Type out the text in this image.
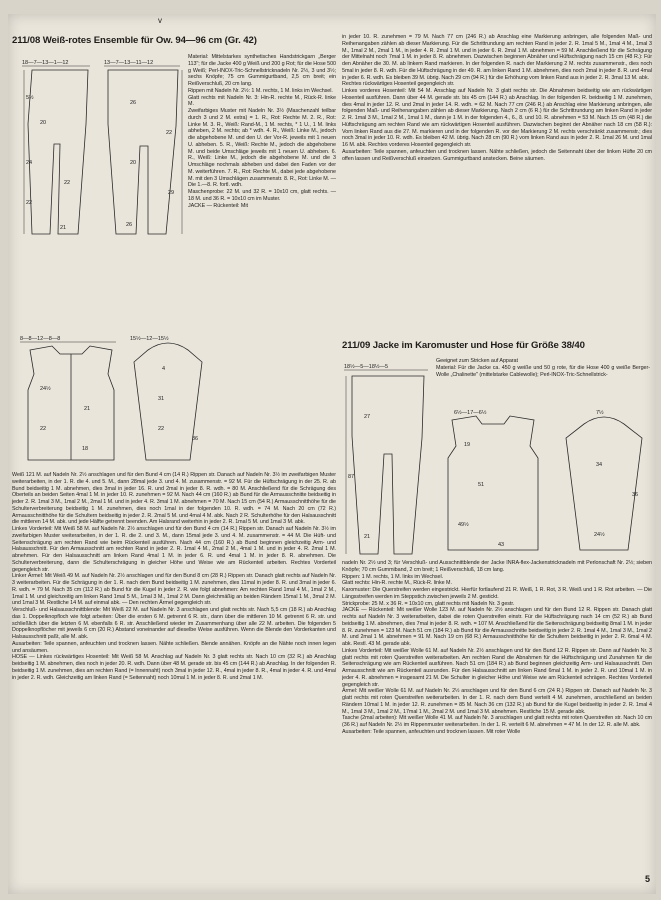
v
211/08 Weiß-rotes Ensemble für Ow. 94—96 cm (Gr. 42)
18—7—13—1—12
5½
20
24
22
22
21
13—7—13—11—12
26
22
20
29
26
8—8—12—8—8
24½
21
22
18
15½—12—15½
4
31
22
36
Material: Mittelstarkes synthetisches Handstrickgarn „Berger 113"; für die Jacke 400 g Weiß und 200 g Rot; für die Hose 500 g Weiß; Perl-INOX-Tric-Schnellstricknadeln Nr. 2½, 3 und 3½; sechs Knöpfe; 75 cm Gummigurtband, 2,5 cm breit; ein Reißverschluß, 20 cm lang.
Rippen mit Nadeln Nr. 2½: 1 M. rechts, 1 M. links im Wechsel.
Glatt rechts mit Nadeln Nr. 3: Hin-R. rechte M., Rück-R. linke M.
Zweifarbiges Muster mit Nadeln Nr. 3½ (Maschenzahl teilbar durch 3 und 2 M. extra) = 1. R., Rot: Rechte M. 2. R., Rot: Linke M. 3. R., Weiß: Rand-M., 1 M. rechts, * 1 U., 1 M. links abheben, 2 M. rechts; ab * wdh. 4. R., Weiß: Linke M., jedoch die abgehobene M. und den U. der Vor-R. jeweils mit 1 neuen U. abheben. 5. R., Weiß: Rechte M., jedoch die abgehobene M. und beide Umschläge jeweils mit 1 neuen U. abheben. 6. R., Weiß: Linke M., jedoch die abgehobene M. und die 3 Umschläge nochmals abheben und dabei den Faden vor der M. weiterführen. 7. R., Rot: Rechte M., dabei jede abgehobene M. mit den 3 Umschlägen zusammenstr. 8. R., Rot: Linke M. — Die 1.—8. R. fortl. wdh.
Maschenprobe: 22 M. und 32 R. = 10x10 cm, glatt rechts. — 18 M. und 36 R. = 10x10 cm im Muster.
JACKE — Rückenteil: Mit
Weiß 121 M. auf Nadeln Nr. 2½ anschlagen und für den Bund 4 cm (14 R.) Rippen str. Danach auf Nadeln Nr. 3½ im zweifarbigen Muster weiterarbeiten, in der 1. R. die 4. und 5. M., dann 28mal jede 3. und 4. M. zusammenstr. = 92 M. Für die Hüftschrägung in der 25. R. ab Bund beidseitig 1 M. abnehmen, dies 3mal in jeder 16. R. und 2mal in jeder 8. R. wdh. = 80 M. Anschließend für die Schrägung des Oberteils an beiden Seiten 4mal 1 M. in jeder 10. R. zunehmen = 92 M. Nach 44 cm (160 R.) ab Bund für die Armausschnitte beidseitig in jeder 2. R. 1mal 3 M., 1mal 2 M., 2mal 1 M. und in jeder 4. R. 3mal 1 M. abnehmen = 70 M. Nach 15 cm (54 R.) Armausschnitthöhe für die Schulterverbreiterung beidseitig 1 M. zunehmen, dies noch 1mal in der folgenden 10. R. wdh. = 74 M. Nach 20 cm (72 R.) Armausschnitthöhe für die Schultern beidseitig in jeder 2. R. 2mal 5 M. und 4mal 4 M. abk. Nach 2 R. Schulterhöhe für den Halsausschnitt die mittleren 14 M. abk. und jede Hälfte getrennt beenden. Am Halsrand weiterhin in jeder 2. R. 1mal 5 M. und 1mal 3 M. abk.
Linkes Vorderteil: Mit Weiß 58 M. auf Nadeln Nr. 2½ anschlagen und für den Bund 4 cm (14 R.) Rippen str. Danach auf Nadeln Nr. 3½ im zweifarbigen Muster weiterarbeiten, in der 1. R. die 2. und 3. M., dann 15mal jede 3. und 4. M. zusammenstr. = 44 M. Die Hüft- und Seitenschrägung am rechten Rand wie beim Rückenteil ausführen. Nach 44 cm (160 R.) ab Bund beginnen gleichzeitig Arm- und Halsausschnitt. Für den Armausschnitt am rechten Rand in jeder 2. R. 1mal 4 M., 2mal 2 M., 4mal 1 M. und in jeder 4. R. 2mal 1 M. abnehmen. Für den Halsausschnitt am linken Rand 4mal 1 M. in jeder 6. R. und 4mal 1 M. in jeder 8. R. abnehmen. Die Schulterverbreiterung, dann die Schulterschrägung in gleicher Höhe und Weise wie am Rückenteil arbeiten. Rechtes Vorderteil gegengleich str.
Linker Ärmel: Mit Weiß 49 M. auf Nadeln Nr. 2½ anschlagen und für den Bund 8 cm (28 R.) Rippen str. Danach glatt rechts auf Nadeln Nr. 3 weiterarbeiten. Für die Schrägung in der 1. R. nach dem Bund beidseitig 1 M. zunehmen, dies 11mal in jeder 8. R. und 3mal in jeder 6. R. wdh. = 79 M. Nach 35 cm (112 R.) ab Bund für die Kugel in jeder 2. R. wie folgt abnehmen: Am rechten Rand 1mal 4 M., 1mal 2 M., 1mal 1 M. und gleichzeitig am linken Rand 1mal 5 M., 1mal 3 M., 1mal 2 M. Dann gleichmäßig an beiden Rändern 15mal 1 M., 3mal 2 M. und 1mal 3 M. Restliche 14 M. auf einmal abk. — Den rechten Ärmel gegengleich str.
Verschluß- und Halsausschnittblende: Mit Weiß 22 M. auf Nadeln Nr. 3 anschlagen und glatt rechts str. Nach 5,5 cm (18 R.) ab Anschlag das 1. Doppelknopfloch wie folgt arbeiten: Über die ersten 6 M. getrennt 6 R. str., dann über die mittleren 10 M. getrennt 6 R. str. und schließlich über die letzten 6 M. ebenfalls 6 R. str. Anschließend wieder im Zusammenhang über alle 22 M. arbeiten. Die folgenden 5 Doppelknopflöcher mit jeweils 6 cm (20 R.) Abstand voneinander auf dieselbe Weise ausführen. Wenn die Blende den Vorderkanten und Halsausschnitt paßt, alle M. abk.
Ausarbeiten: Teile spannen, anfeuchten und trocknen lassen. Nähte schließen. Blende annähen. Knöpfe an die Nähte noch innen legen und ansäumen.
HOSE — Linkes rückwärtiges Hosenteil: Mit Weiß 58 M. Anschlag auf Nadeln Nr. 3 glatt rechts str. Nach 10 cm (32 R.) ab Anschlag beidseitig 1 M. abnehmen, dies noch in jeder 20. R. wdh. Dann über 48 M. gerade str. bis 45 cm (144 R.) ab Anschlag. In der folgenden R. beidseitig 1 M. zunehmen, dies am rechten Rand (= Innennaht) noch 3mal in jeder 12. R., 4mal in jeder 8. R., 4mal in jeder 4. R. und 4mal in jeder 2. R. wdh. Gleichzeitig am linken Rand (= Seitennaht) noch 10mal 1 M. in jeder 8. R. und 2mal 1 M.
in jeder 10. R. zunehmen = 79 M. Nach 77 cm (246 R.) ab Anschlag eine Markierung anbringen, alle folgenden Maß- und Reihenangaben zählen ab dieser Markierung. Für die Schrittrundung am rechten Rand in jeder 2. R. 1mal 5 M., 1mal 4 M., 1mal 3 M., 1mal 2 M., 2mal 1 M., in jeder 4. R. 2mal 1 M. und in jeder 6. R. 2mal 1 M. abnehmen = 59 M. Anschließend für die Schrägung der Mittelnaht noch 7mal 1 M. in jeder 8. R. abnehmen. Dazwischen beginnen Abnäher und Hüftschrägung nach 15 cm (48 R.): Für den Abnäher die 30. M. ab linkem Rand markieren. In der folgenden R. nach der Markierung 2 M. rechts zusammenstr., dies noch 5mal in jeder 8. R. wdh. Für die Hüftschrägung in der 49. R. am linken Rand 1 M. abnehmen, dies noch 2mal in jeder 8. R. und 4mal in jeder 6. R. wdh. Es bleiben 39 M. übrig. Nach 29 cm (94 R.) für die Erhöhung vom linken Rand aus in jeder 2. R. 3mal 13 M. abk.
Rechtes rückwärtiges Hosenteil gegengleich str.
Linkes vorderes Hosenteil: Mit 54 M. Anschlag auf Nadeln Nr. 3 glatt rechts str. Die Abnahmen beidseitig wie am rückwärtigen Hosenteil ausführen. Dann über 44 M. gerade str. bis 45 cm (144 R.) ab Anschlag. In der folgenden R. beidseitig 1 M. zunehmen, dies 4mal in jeder 12. R. und 2mal in jeder 14. R. wdh. = 62 M. Nach 77 cm (246 R.) ab Anschlag eine Markierung anbringen, alle folgenden Maß- und Reihenangaben zählen ab dieser Markierung. Nach 2 cm (6 R.) für die Schrittrundung am linken Rand in jeder 2. R. 1mal 3 M., 1mal 2 M., 1mal 1 M., dann je 1 M. in der folgenden 4., 6., 8. und 10. R. abnehmen = 53 M. Nach 15 cm (48 R.) die Hüftschrägung am rechten Rand wie am rückwärtigen Hosenteil ausführen. Dazwischen beginnt der Abnäher nach 18 cm (58 R.): Vom linken Rand aus die 27. M. markieren und in der folgenden R. vor der Markierung 2 M. rechts verschränkt zusammenstr.; dies noch 3mal in jeder 10. R. wdh. Es bleiben 42 M. übrig. Nach 28 cm (90 R.) vom linken Rand aus in jeder 2. R. 1mal 26 M. und 1mal 16 M. abk. Rechtes vorderes Hosenteil gegengleich str.
Ausarbeiten: Teile spannen, anfeuchten und trocknen lassen. Nähte schließen, jedoch die Seitennaht über der linken Hüfte 20 cm offen lassen und Reißverschluß einsetzen. Gummigurtband anstecken. Beine säumen.
211/09 Jacke im Karomuster und Hose für Größe 38/40
18½—5—18½—5
27
87
21
Geeignet zum Stricken auf Apparat
Material: Für die Jacke ca. 450 g weiße und 50 g rote, für die Hose 400 g weiße Berger-Wolle „Chalinette" (mittelstarke Cablewolle); Perl-INOX-Tric-Schnellstrick-
6½—17—6½
19
51
49½
43
7½
34
36
24½
nadeln Nr. 2½ und 3; für Verschluß- und Ausschnittblende der Jacke INRA-flex-Jackenstricknadeln mit Perlonschaft Nr. 2½; sieben Knöpfe; 70 cm Gummiband, 2 cm breit; 1 Reißverschluß, 18 cm lang.
Rippen: 1 M. rechts, 1 M. links im Wechsel.
Glatt rechts: Hin-R. rechte M., Rück-R. linke M.
Karomuster: Die Querstreifen werden eingestrickt. Hierfür fortlaufend 21 R. Weiß, 1 R. Rot, 3 R. Weiß und 1 R. Rot arbeiten. — Die Längsstreifen werden im Steppstich zwischen jeweils 2 M. gestickt.
Strickprobe: 25 M. x 36 R. = 10x10 cm, glatt rechts mit Nadeln Nr. 3 gestr.
JACKE — Rückenteil: Mit weißer Wolle 123 M. auf Nadeln Nr. 2½ anschlagen und für den Bund 12 R. Rippen str. Danach glatt rechts auf Nadeln Nr. 3 weiterarbeiten, dabei die roten Querstreifen einstr. Für die Hüftschrägung nach 14 cm (52 R.) ab Bund beidseitig 1 M. abnehmen, dies 7mal in jeder 8. R. wdh. = 107 M. Anschließend für die Seitenschrägung beidseitig 8mal 1 M. in jeder 8. R. zunehmen = 123 M. Nach 51 cm (184 R.) ab Bund für die Armausschnitte beidseitig in jeder 2. R. 1mal 4 M., 1mal 3 M., 1mal 2 M. und 2mal 1 M. abnehmen = 91 M. Nach 19 cm (68 R.) Armausschnitthöhe für die Schultern beidseitig in jeder 2. R. 6mal 4 M. abk. Restl. 43 M. gerade abk.
Linkes Vorderteil: Mit weißer Wolle 61 M. auf Nadeln Nr. 2½ anschlagen und für den Bund 12 R. Rippen str. Dann auf Nadeln Nr. 3 glatt rechts mit roten Querstreifen weiterarbeiten. Am rechten Rand die Abnahmen für die Hüftschrägung und Zunahmen für die Seitenschrägung wie am Rückenteil ausführen. Nach 51 cm (184 R.) ab Bund beginnen gleichzeitig Arm- und Halsausschnitt. Den Armausschnitt wie am Rückenteil ausrunden. Für den Halsausschnitt am linken Rand 6mal 1 M. in jeder 2. R. und 10mal 1 M. in jeder 4. R. abnehmen = insgesamt 21 M. Die Schulter in gleicher Höhe und Weise wie am Rückenteil schrägen. Rechtes Vorderteil gegengleich str.
Ärmel: Mit weißer Wolle 61 M. auf Nadeln Nr. 2½ anschlagen und für den Bund 6 cm (24 R.) Rippen str. Danach auf Nadeln Nr. 3 glatt rechts mit roten Querstreifen weiterarbeiten. In der 1. R. nach dem Bund verteilt 4 M. zunehmen, anschließend an beiden Rändern 10mal 1 M. in jeder 12. R. zunehmen = 85 M. Nach 36 cm (132 R.) ab Bund für die Kugel beidseitig in jeder 2. R. 1mal 4 M., 1mal 3 M., 1mal 2 M., 17mal 1 M., 2mal 2 M. und 1mal 3 M. abnehmen. Restliche 15 M. gerade abk.
Tasche (2mal arbeiten): Mit weißer Wolle 41 M. auf Nadeln Nr. 3 anschlagen und glatt rechts mit roten Querstreifen str. Nach 10 cm (36 R.) auf Nadeln Nr. 2½ im Rippenmuster weiterarbeiten. In der 1. R. verteilt 6 M. abnehmen = 47 M. In der 12. R. alle M. abk.
Ausarbeiten: Teile spannen, anfeuchten und trocknen lassen. Mit roter Wolle
5
